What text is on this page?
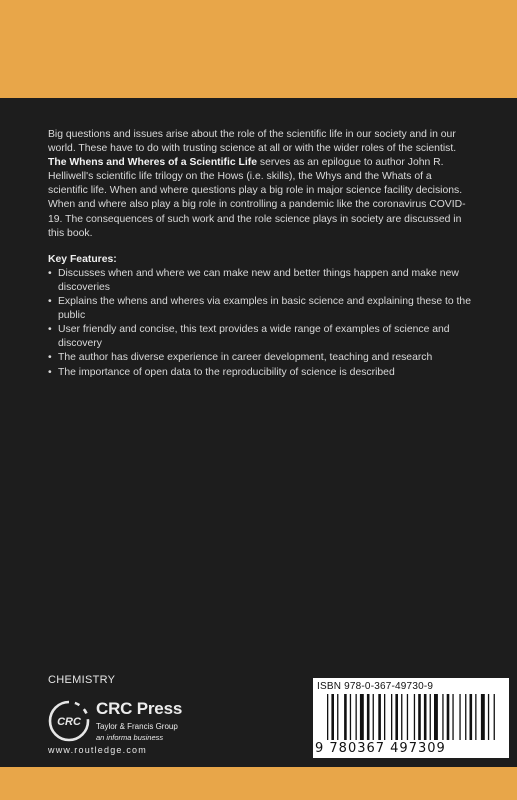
Big questions and issues arise about the role of the scientific life in our society and in our world. These have to do with trusting science at all or with the wider roles of the scientist. The Whens and Wheres of a Scientific Life serves as an epilogue to author John R. Helliwell's scientific life trilogy on the Hows (i.e. skills), the Whys and the Whats of a scientific life. When and where questions play a big role in major science facility decisions. When and where also play a big role in controlling a pandemic like the coronavirus COVID-19. The consequences of such work and the role science plays in society are discussed in this book.

Key Features:
• Discusses when and where we can make new and better things happen and make new discoveries
• Explains the whens and wheres via examples in basic science and explaining these to the public
• User friendly and concise, this text provides a wide range of examples of science and discovery
• The author has diverse experience in career development, teaching and research
• The importance of open data to the reproducibility of science is described
CHEMISTRY
CRC
CRC Press
Taylor & Francis Group
an informa business
www.routledge.com
ISBN 978-0-367-49730-9
9 780367 497309
